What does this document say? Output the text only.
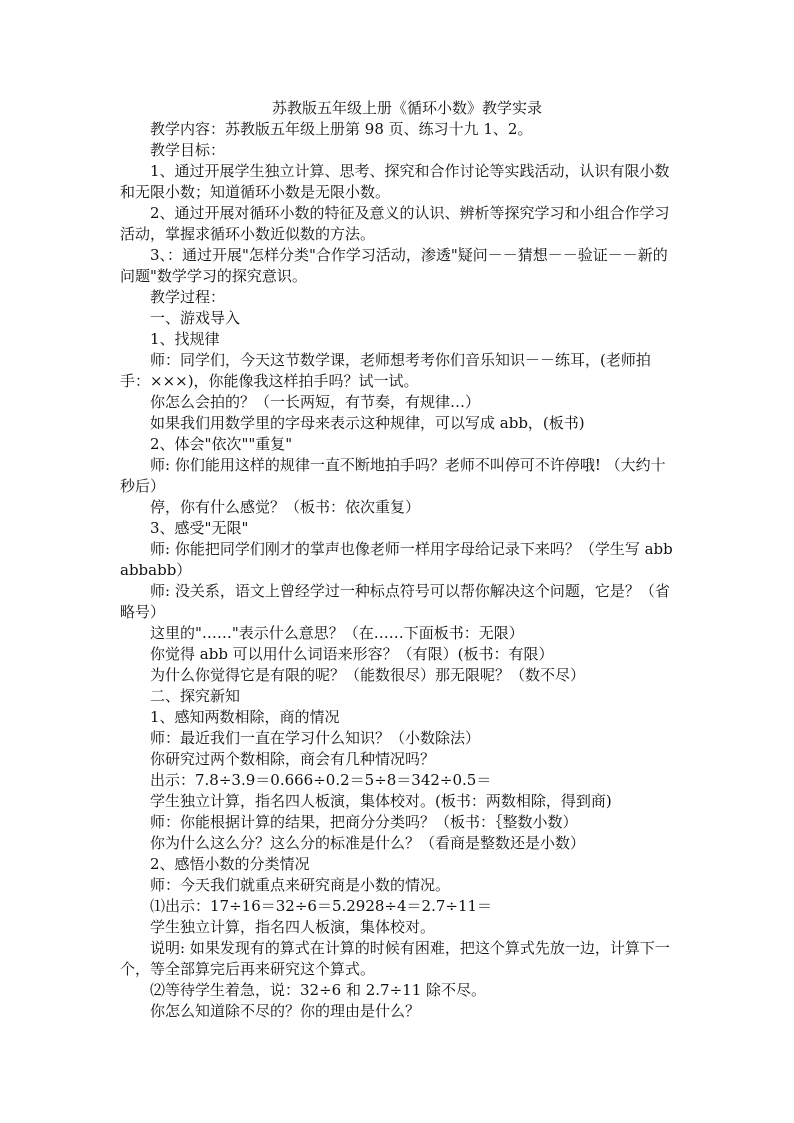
苏教版五年级上册《循环小数》教学实录

教学内容：苏教版五年级上册第 98 页、练习十九 1、2。

教学目标：

1、通过开展学生独立计算、思考、探究和合作讨论等实践活动，认识有限小数和无限小数；知道循环小数是无限小数。

2、通过开展对循环小数的特征及意义的认识、辨析等探究学习和小组合作学习活动，掌握求循环小数近似数的方法。

3、：通过开展"怎样分类"合作学习活动，渗透"疑问－－猜想－－验证－－新的问题"数学学习的探究意识。

教学过程：

一、游戏导入

1、找规律

师：同学们，今天这节数学课，老师想考考你们音乐知识－－练耳，(老师拍手：×××)，你能像我这样拍手吗？试一试。

你怎么会拍的？（一长两短，有节奏，有规律…）

如果我们用数学里的字母来表示这种规律，可以写成 abb，(板书)

2、体会"依次""重复"

师: 你们能用这样的规律一直不断地拍手吗？老师不叫停可不许停哦! （大约十秒后）

停，你有什么感觉？（板书：依次重复）

3、感受"无限"

师: 你能把同学们刚才的掌声也像老师一样用字母给记录下来吗？（学生写 abbabbabb）

师: 没关系，语文上曾经学过一种标点符号可以帮你解决这个问题，它是？（省略号）

这里的"……"表示什么意思？（在……下面板书：无限）

你觉得 abb 可以用什么词语来形容？（有限）(板书：有限）

为什么你觉得它是有限的呢？（能数很尽）那无限呢？（数不尽）

二、探究新知

1、感知两数相除，商的情况

师：最近我们一直在学习什么知识？（小数除法）

你研究过两个数相除，商会有几种情况吗？

出示：7.8÷3.9＝0.666÷0.2＝5÷8＝342÷0.5＝

学生独立计算，指名四人板演，集体校对。(板书：两数相除，得到商)

师：你能根据计算的结果，把商分分类吗？（板书：｛整数小数）

你为什么这么分？这么分的标准是什么？（看商是整数还是小数）

2、感悟小数的分类情况

师：今天我们就重点来研究商是小数的情况。

⑴出示：17÷16＝32÷6＝5.2928÷4＝2.7÷11＝

学生独立计算，指名四人板演，集体校对。

说明: 如果发现有的算式在计算的时候有困难，把这个算式先放一边，计算下一个，等全部算完后再来研究这个算式。

⑵等待学生着急，说：32÷6 和 2.7÷11 除不尽。

你怎么知道除不尽的？你的理由是什么？
